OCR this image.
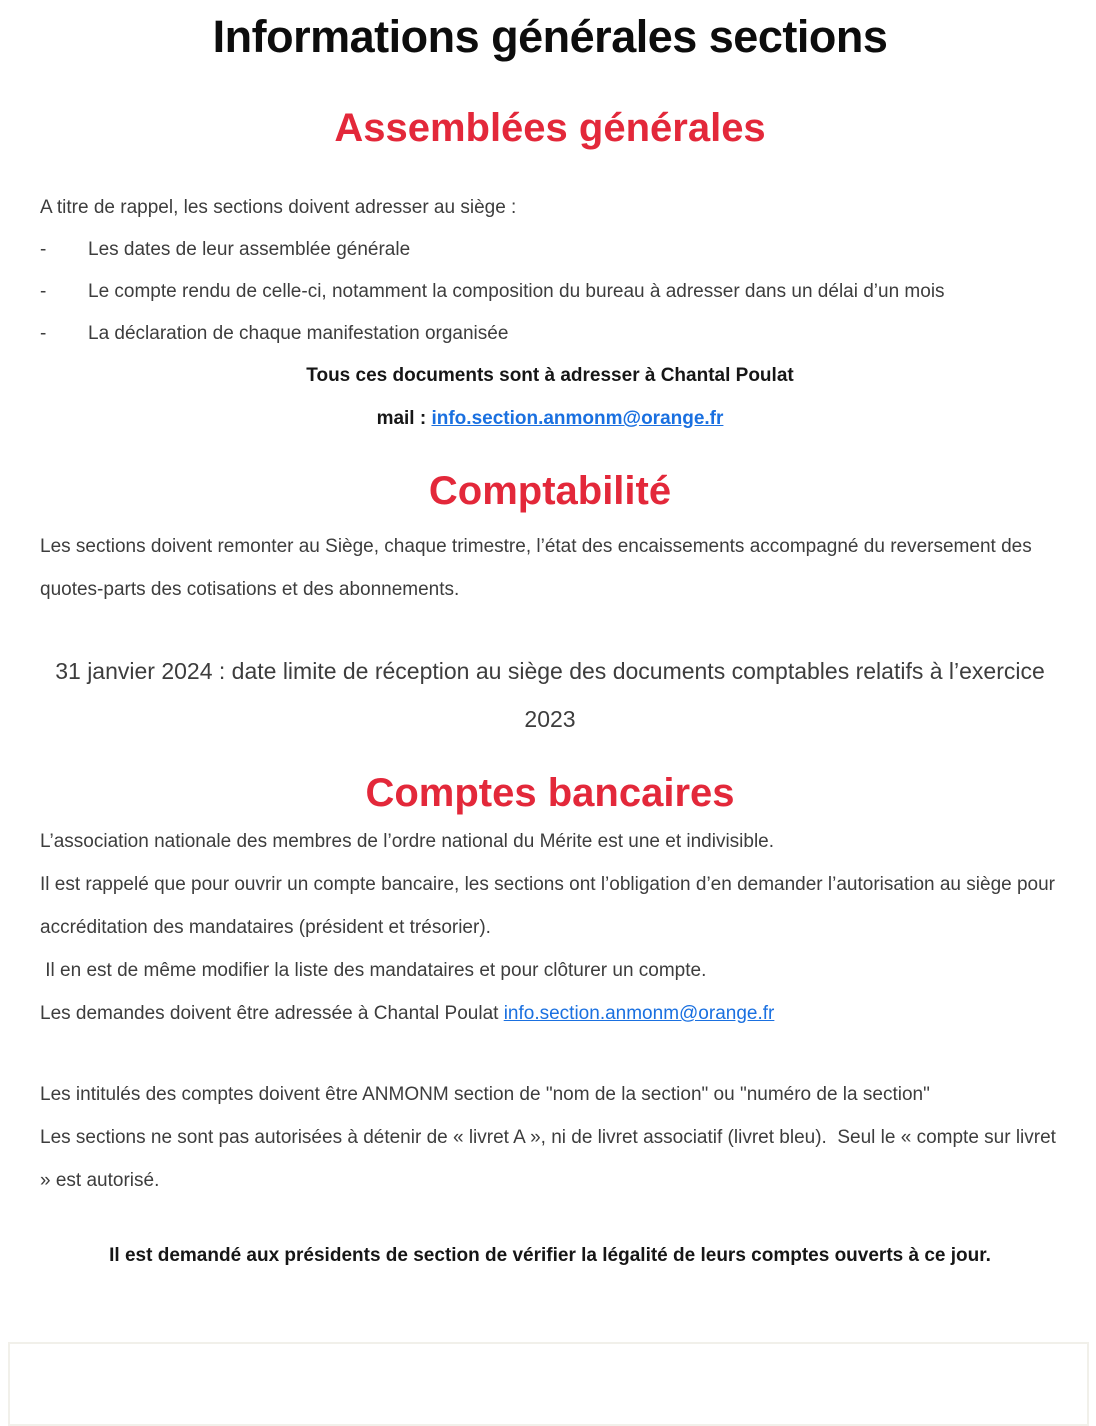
Informations générales sections
Assemblées générales

A titre de rappel, les sections doivent adresser au siège :

-	Les dates de leur assemblée générale
-	Le compte rendu de celle-ci, notamment la composition du bureau à adresser dans un délai d’un mois
-	La déclaration de chaque manifestation organisée

Tous ces documents sont à adresser à Chantal Poulat

mail : info.section.anmonm@orange.fr

Comptabilité

Les sections doivent remonter au Siège, chaque trimestre, l’état des encaissements accompagné du reversement des quotes-parts des cotisations et des abonnements.

31 janvier 2024 : date limite de réception au siège des documents comptables relatifs à l’exercice 2023

Comptes bancaires

L’association nationale des membres de l’ordre national du Mérite est une et indivisible.

Il est rappelé que pour ouvrir un compte bancaire, les sections ont l’obligation d’en demander l’autorisation au siège pour accréditation des mandataires (président et trésorier).

Il en est de même modifier la liste des mandataires et pour clôturer un compte.

Les demandes doivent être adressée à Chantal Poulat info.section.anmonm@orange.fr

Les intitulés des comptes doivent être ANMONM section de "nom de la section" ou "numéro de la section"

Les sections ne sont pas autorisées à détenir de « livret A », ni de livret associatif (livret bleu).  Seul le « compte sur livret » est autorisé.

Il est demandé aux présidents de section de vérifier la légalité de leurs comptes ouverts à ce jour.
